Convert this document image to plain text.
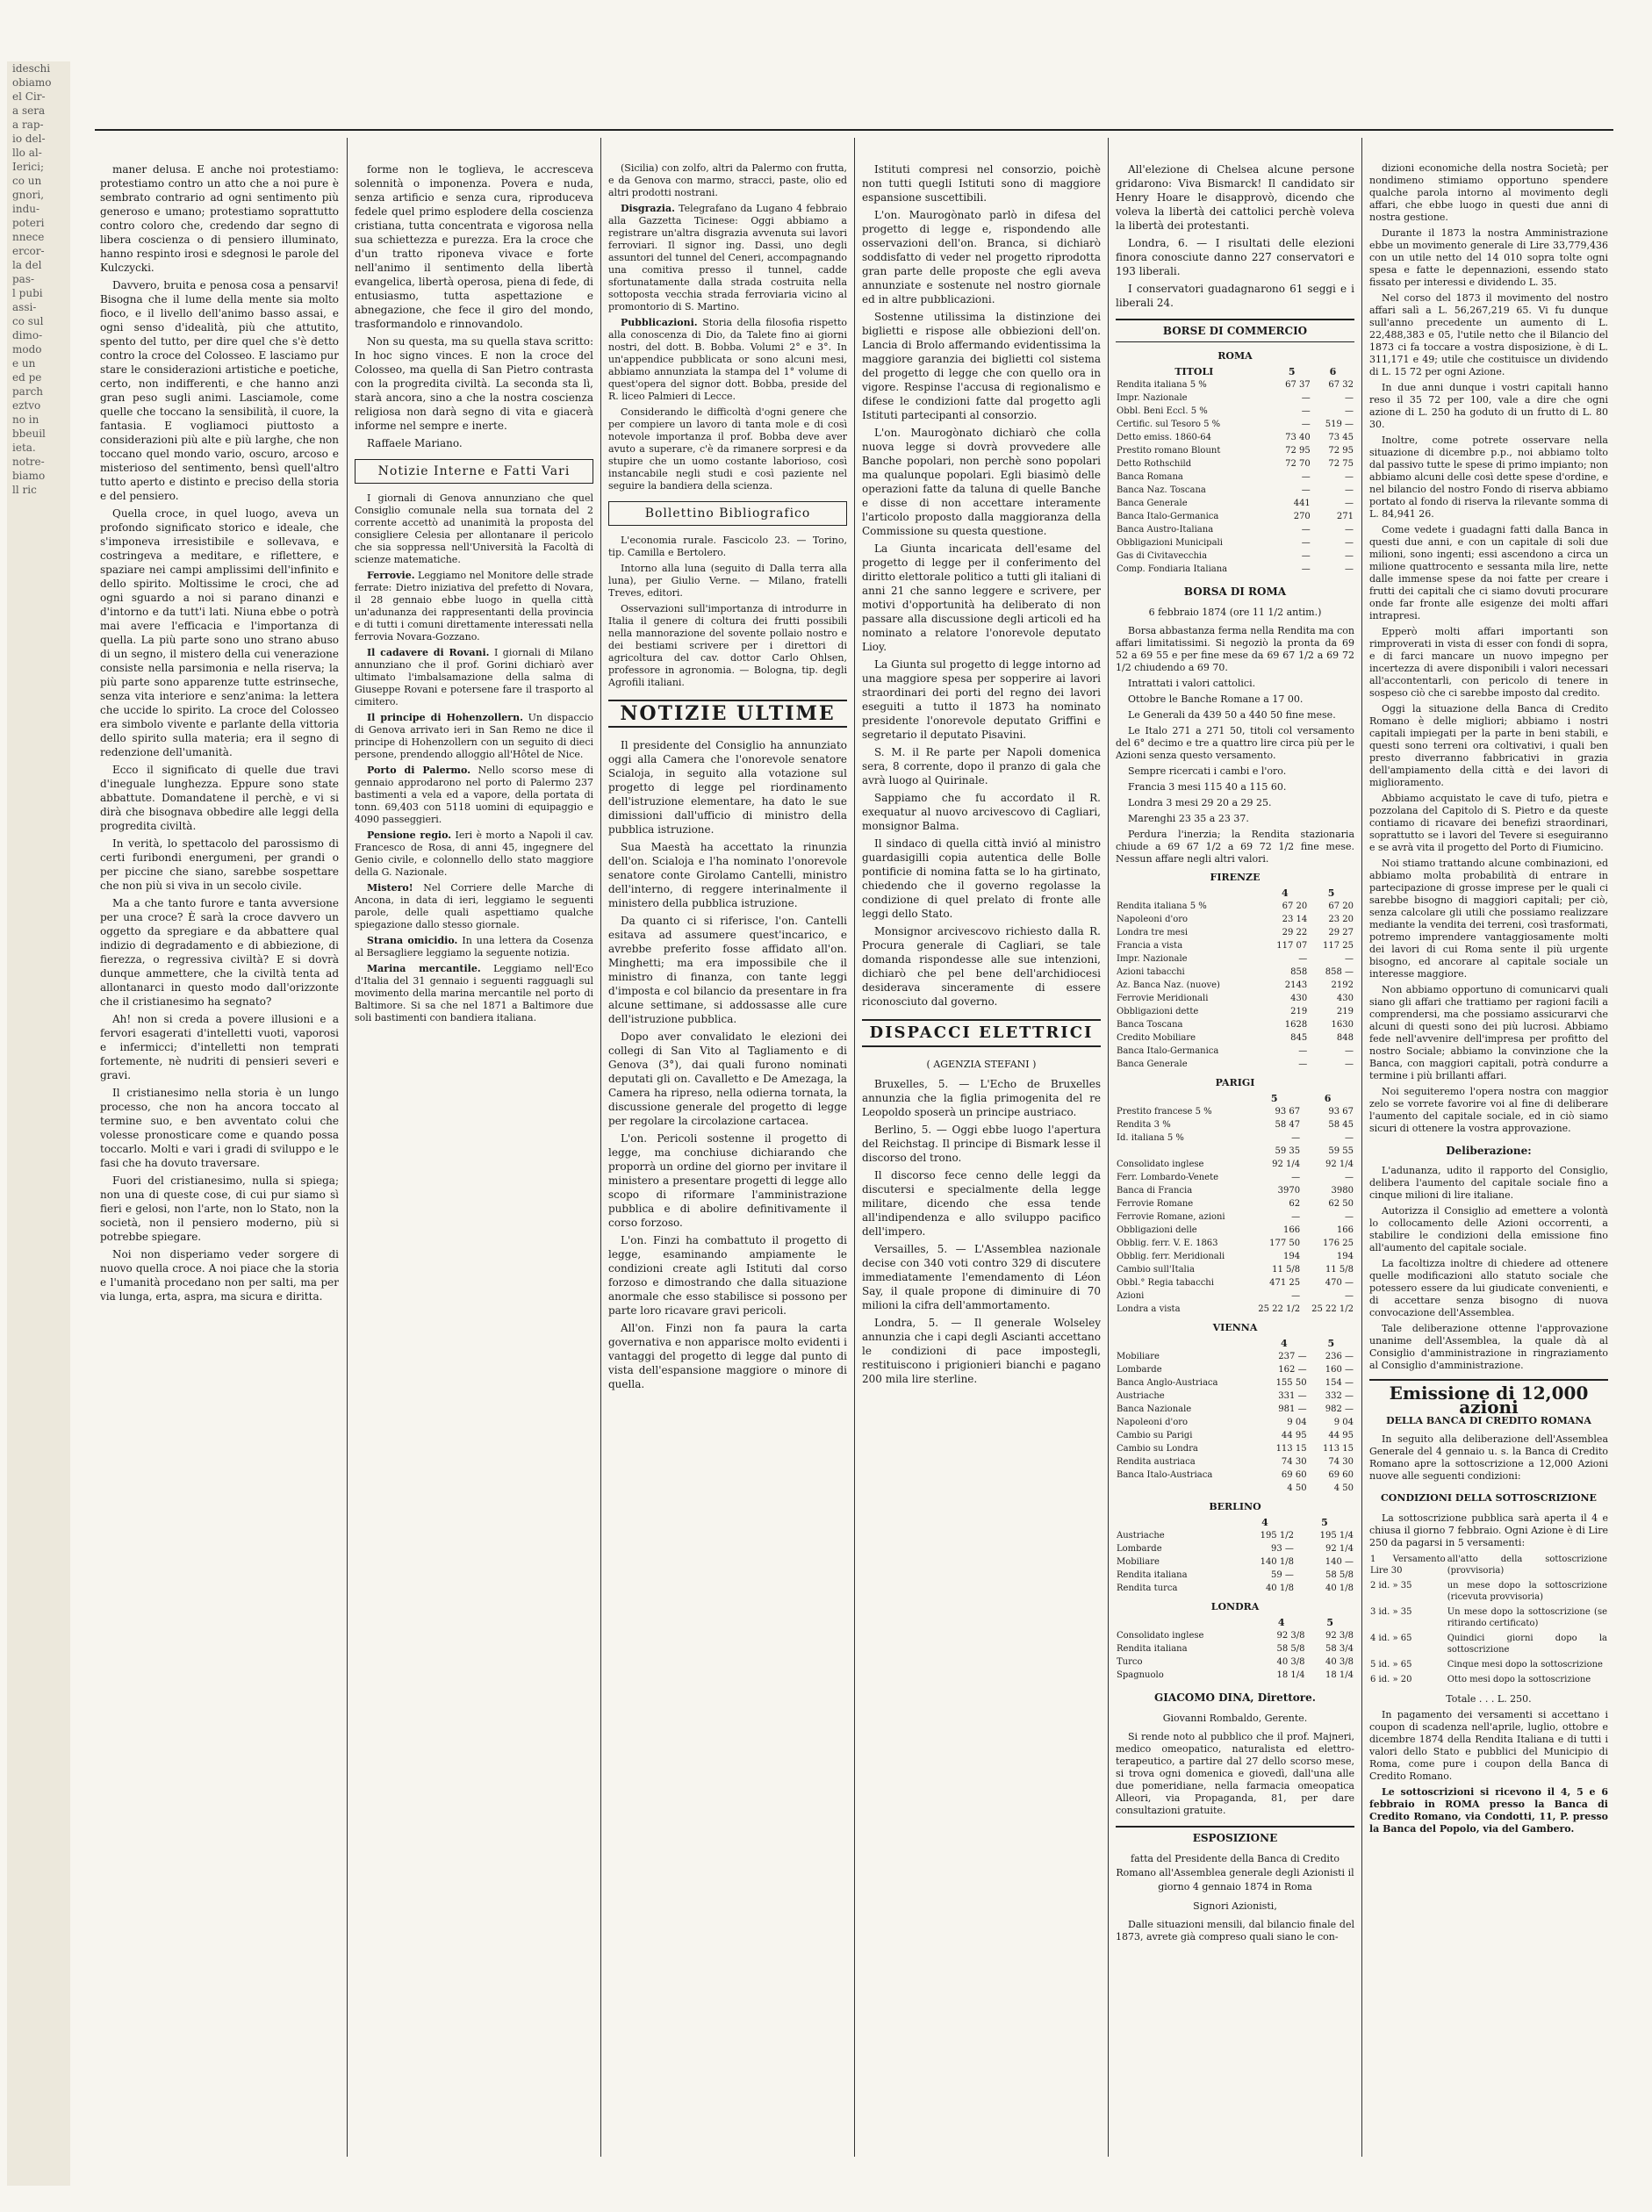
ideschi

obiamo

el Cir-

a sera

a rap-

io del-

llo al-

Ierici;

co un

gnori,

indu-

poteri

nnece

ercor-

la del

pas-

l pubi

assi-

co sul

dimo-

modo

e un

ed pe

parch

eztvo

no in

bbeuil

ieta.

notre-

biamo

ll ric

maner delusa. E anche noi protestiamo: protestiamo contro un atto che a noi pure è sembrato contrario ad ogni sentimento più generoso e umano; protestiamo soprattutto contro coloro che, credendo dar segno di libera coscienza o di pensiero illuminato, hanno respinto irosi e sdegnosi le parole del Kulczycki.

Davvero, bruita e penosa cosa a pensarvi! Bisogna che il lume della mente sia molto fioco, e il livello dell'animo basso assai, e ogni senso d'idealità, più che attutito, spento del tutto, per dire quel che s'è detto contro la croce del Colosseo. E lasciamo pur stare le considerazioni artistiche e poetiche, certo, non indifferenti, e che hanno anzi gran peso sugli animi. Lasciamole, come quelle che toccano la sensibilità, il cuore, la fantasia. E vogliamoci piuttosto a considerazioni più alte e più larghe, che non toccano quel mondo vario, oscuro, arcoso e misterioso del sentimento, bensì quell'altro tutto aperto e distinto e preciso della storia e del pensiero.

Quella croce, in quel luogo, aveva un profondo significato storico e ideale, che s'imponeva irresistibile e sollevava, e costringeva a meditare, e riflettere, e spaziare nei campi amplissimi dell'infinito e dello spirito. Moltissime le croci, che ad ogni sguardo a noi si parano dinanzi e d'intorno e da tutt'i lati. Niuna ebbe o potrà mai avere l'efficacia e l'importanza di quella. La più parte sono uno strano abuso di un segno, il mistero della cui venerazione consiste nella parsimonia e nella riserva; la più parte sono apparenze tutte estrinseche, senza vita interiore e senz'anima: la lettera che uccide lo spirito. La croce del Colosseo era simbolo vivente e parlante della vittoria dello spirito sulla materia; era il segno di redenzione dell'umanità.

Ecco il significato di quelle due travi d'ineguale lunghezza. Eppure sono state abbattute. Domandatene il perchè, e vi si dirà che bisognava obbedire alle leggi della progredita civiltà.

In verità, lo spettacolo del parossismo di certi furibondi energumeni, per grandi o per piccine che siano, sarebbe sospettare che non più si viva in un secolo civile.

Ma a che tanto furore e tanta avversione per una croce? È sarà la croce davvero un oggetto da spregiare e da abbattere qual indizio di degradamento e di abbiezione, di fierezza, o regressiva civiltà? E si dovrà dunque ammettere, che la civiltà tenta ad allontanarci in questo modo dall'orizzonte che il cristianesimo ha segnato?

Ah! non si creda a povere illusioni e a fervori esagerati d'intelletti vuoti, vaporosi e infermicci; d'intelletti non temprati fortemente, nè nudriti di pensieri severi e gravi.

Il cristianesimo nella storia è un lungo processo, che non ha ancora toccato al termine suo, e ben avventato colui che volesse pronosticare come e quando possa toccarlo. Molti e vari i gradi di sviluppo e le fasi che ha dovuto traversare.

Fuori del cristianesimo, nulla si spiega; non una di queste cose, di cui pur siamo sì fieri e gelosi, non l'arte, non lo Stato, non la società, non il pensiero moderno, più si potrebbe spiegare.

Noi non disperiamo veder sorgere di nuovo quella croce. A noi piace che la storia e l'umanità procedano non per salti, ma per via lunga, erta, aspra, ma sicura e diritta.

forme non le toglieva, le accresceva solennità o imponenza. Povera e nuda, senza artificio e senza cura, riproduceva fedele quel primo esplodere della coscienza cristiana, tutta concentrata e vigorosa nella sua schiettezza e purezza. Era la croce che d'un tratto riponeva vivace e forte nell'animo il sentimento della libertà evangelica, libertà operosa, piena di fede, di entusiasmo, tutta aspettazione e abnegazione, che fece il giro del mondo, trasformandolo e rinnovandolo.

Non su questa, ma su quella stava scritto: In hoc signo vinces. E non la croce del Colosseo, ma quella di San Pietro contrasta con la progredita civiltà. La seconda sta lì, starà ancora, sino a che la nostra coscienza religiosa non darà segno di vita e giacerà informe nel sempre e inerte.

Raffaele Mariano.

Notizie Interne e Fatti Vari

I giornali di Genova annunziano che quel Consiglio comunale nella sua tornata del 2 corrente accettò ad unanimità la proposta del consigliere Celesia per allontanare il pericolo che sia soppressa nell'Università la Facoltà di scienze matematiche.

Ferrovie. Leggiamo nel Monitore delle strade ferrate: Dietro iniziativa del prefetto di Novara, il 28 gennaio ebbe luogo in quella città un'adunanza dei rappresentanti della provincia e di tutti i comuni direttamente interessati nella ferrovia Novara-Gozzano.

Il cadavere di Rovani. I giornali di Milano annunziano che il prof. Gorini dichiarò aver ultimato l'imbalsamazione della salma di Giuseppe Rovani e potersene fare il trasporto al cimitero.

Il principe di Hohenzollern. Un dispaccio di Genova arrivato ieri in San Remo ne dice il principe di Hohenzollern con un seguito di dieci persone, prendendo alloggio all'Hôtel de Nice.

Porto di Palermo. Nello scorso mese di gennaio approdarono nel porto di Palermo 237 bastimenti a vela ed a vapore, della portata di tonn. 69,403 con 5118 uomini di equipaggio e 4090 passeggieri.

Pensione regio. Ieri è morto a Napoli il cav. Francesco de Rosa, di anni 45, ingegnere del Genio civile, e colonnello dello stato maggiore della G. Nazionale.

Mistero! Nel Corriere delle Marche di Ancona, in data di ieri, leggiamo le seguenti parole, delle quali aspettiamo qualche spiegazione dallo stesso giornale.

Strana omicidio. In una lettera da Cosenza al Bersagliere leggiamo la seguente notizia.

Marina mercantile. Leggiamo nell'Eco d'Italia del 31 gennaio i seguenti ragguagli sul movimento della marina mercantile nel porto di Baltimore. Si sa che nel 1871 a Baltimore due soli bastimenti con bandiera italiana.

(Sicilia) con zolfo, altri da Palermo con frutta, e da Genova con marmo, stracci, paste, olio ed altri prodotti nostrani.

Disgrazia. Telegrafano da Lugano 4 febbraio alla Gazzetta Ticinese: Oggi abbiamo a registrare un'altra disgrazia avvenuta sui lavori ferroviari. Il signor ing. Dassi, uno degli assuntori del tunnel del Ceneri, accompagnando una comitiva presso il tunnel, cadde sfortunatamente dalla strada costruita nella sottoposta vecchia strada ferroviaria vicino al promontorio di S. Martino.

Pubblicazioni. Storia della filosofia rispetto alla conoscenza di Dio, da Talete fino ai giorni nostri, del dott. B. Bobba. Volumi 2° e 3°. In un'appendice pubblicata or sono alcuni mesi, abbiamo annunziata la stampa del 1° volume di quest'opera del signor dott. Bobba, preside del R. liceo Palmieri di Lecce.

Considerando le difficoltà d'ogni genere che per compiere un lavoro di tanta mole e di così notevole importanza il prof. Bobba deve aver avuto a superare, c'è da rimanere sorpresi e da stupire che un uomo costante laborioso, così instancabile negli studi e così paziente nel seguire la bandiera della scienza.

Bollettino Bibliografico

L'economia rurale. Fascicolo 23. — Torino, tip. Camilla e Bertolero.

Intorno alla luna (seguito di Dalla terra alla luna), per Giulio Verne. — Milano, fratelli Treves, editori.

Osservazioni sull'importanza di introdurre in Italia il genere di coltura dei frutti possibili nella mannorazione del sovente pollaio nostro e dei bestiami scrivere per i direttori di agricoltura del cav. dottor Carlo Ohlsen, professore in agronomia. — Bologna, tip. degli Agrofili italiani.

NOTIZIE ULTIME

Il presidente del Consiglio ha annunziato oggi alla Camera che l'onorevole senatore Scialoja, in seguito alla votazione sul progetto di legge pel riordinamento dell'istruzione elementare, ha dato le sue dimissioni dall'ufficio di ministro della pubblica istruzione.

Sua Maestà ha accettato la rinunzia dell'on. Scialoja e l'ha nominato l'onorevole senatore conte Girolamo Cantelli, ministro dell'interno, di reggere interinalmente il ministero della pubblica istruzione.

Da quanto ci si riferisce, l'on. Cantelli esitava ad assumere quest'incarico, e avrebbe preferito fosse affidato all'on. Minghetti; ma era impossibile che il ministro di finanza, con tante leggi d'imposta e col bilancio da presentare in fra alcune settimane, si addossasse alle cure dell'istruzione pubblica.

Dopo aver convalidato le elezioni dei collegi di San Vito al Tagliamento e di Genova (3°), dai quali furono nominati deputati gli on. Cavalletto e De Amezaga, la Camera ha ripreso, nella odierna tornata, la discussione generale del progetto di legge per regolare la circolazione cartacea.

L'on. Pericoli sostenne il progetto di legge, ma conchiuse dichiarando che proporrà un ordine del giorno per invitare il ministero a presentare progetti di legge allo scopo di riformare l'amministrazione pubblica e di abolire definitivamente il corso forzoso.

L'on. Finzi ha combattuto il progetto di legge, esaminando ampiamente le condizioni create agli Istituti dal corso forzoso e dimostrando che dalla situazione anormale che esso stabilisce si possono per parte loro ricavare gravi pericoli.

All'on. Finzi non fa paura la carta governativa e non apparisce molto evidenti i vantaggi del progetto di legge dal punto di vista dell'espansione maggiore o minore di quella.

Istituti compresi nel consorzio, poichè non tutti quegli Istituti sono di maggiore espansione suscettibili.

L'on. Maurogònato parlò in difesa del progetto di legge e, rispondendo alle osservazioni dell'on. Branca, si dichiarò soddisfatto di veder nel progetto riprodotta gran parte delle proposte che egli aveva annunziate e sostenute nel nostro giornale ed in altre pubblicazioni.

Sostenne utilissima la distinzione dei biglietti e rispose alle obbiezioni dell'on. Lancia di Brolo affermando evidentissima la maggiore garanzia dei biglietti col sistema del progetto di legge che con quello ora in vigore. Respinse l'accusa di regionalismo e difese le condizioni fatte dal progetto agli Istituti partecipanti al consorzio.

L'on. Maurogònato dichiarò che colla nuova legge si dovrà provvedere alle Banche popolari, non perchè sono popolari ma qualunque popolari. Egli biasimò delle operazioni fatte da taluna di quelle Banche e disse di non accettare interamente l'articolo proposto dalla maggioranza della Commissione su questa questione.

La Giunta incaricata dell'esame del progetto di legge per il conferimento del diritto elettorale politico a tutti gli italiani di anni 21 che sanno leggere e scrivere, per motivi d'opportunità ha deliberato di non passare alla discussione degli articoli ed ha nominato a relatore l'onorevole deputato Lioy.

La Giunta sul progetto di legge intorno ad una maggiore spesa per sopperire ai lavori straordinari dei porti del regno dei lavori eseguiti a tutto il 1873 ha nominato presidente l'onorevole deputato Griffini e segretario il deputato Pisavini.

S. M. il Re parte per Napoli domenica sera, 8 corrente, dopo il pranzo di gala che avrà luogo al Quirinale.

Sappiamo che fu accordato il R. exequatur al nuovo arcivescovo di Cagliari, monsignor Balma.

Il sindaco di quella città invió al ministro guardasigilli copia autentica delle Bolle pontificie di nomina fatta se lo ha girtinato, chiedendo che il governo regolasse la condizione di quel prelato di fronte alle leggi dello Stato.

Monsignor arcivescovo richiesto dalla R. Procura generale di Cagliari, se tale domanda rispondesse alle sue intenzioni, dichiarò che pel bene dell'archidiocesi desiderava sinceramente di essere riconosciuto dal governo.

DISPACCI ELETTRICI
( AGENZIA STEFANI )

Bruxelles, 5. — L'Echo de Bruxelles annunzia che la figlia primogenita del re Leopoldo sposerà un principe austriaco.

Berlino, 5. — Oggi ebbe luogo l'apertura del Reichstag. Il principe di Bismark lesse il discorso del trono.

Il discorso fece cenno delle leggi da discutersi e specialmente della legge militare, dicendo che essa tende all'indipendenza e allo sviluppo pacifico dell'impero.

Versailles, 5. — L'Assemblea nazionale decise con 340 voti contro 329 di discutere immediatamente l'emendamento di Léon Say, il quale propone di diminuire di 70 milioni la cifra dell'ammortamento.

Londra, 5. — Il generale Wolseley annunzia che i capi degli Ascianti accettano le condizioni di pace impostegli, restituiscono i prigionieri bianchi e pagano 200 mila lire sterline.

All'elezione di Chelsea alcune persone gridarono: Viva Bismarck! Il candidato sir Henry Hoare le disapprovò, dicendo che voleva la libertà dei cattolici perchè voleva la libertà dei protestanti.

Londra, 6. — I risultati delle elezioni finora conosciute danno 227 conservatori e 193 liberali.

I conservatori guadagnarono 61 seggi e i liberali 24.

BORSE DI COMMERCIO
ROMA
TITOLI	5	6
Rendita italiana 5 %	67 37	67 32
Impr. Nazionale	—	—
Obbl. Beni Eccl. 5 %	—	—
Certific. sul Tesoro 5 %	—	519 —
Detto emiss. 1860-64	73 40	73 45
Prestito romano Blount	72 95	72 95
Detto Rothschild	72 70	72 75
Banca Romana	—	—
Banca Naz. Toscana	—	—
Banca Generale	441	—
Banca Italo-Germanica	270	271
Banca Austro-Italiana	—	—
Obbligazioni Municipali	—	—
Gas di Civitavecchia	—	—
Comp. Fondiaria Italiana	—	—
BORSA DI ROMA
6 febbraio 1874 (ore 11 1/2 antim.)

Borsa abbastanza ferma nella Rendita ma con affari limitatissimi. Si negoziò la pronta da 69 52 a 69 55 e per fine mese da 69 67 1/2 a 69 72 1/2 chiudendo a 69 70.

Intrattati i valori cattolici.

Ottobre le Banche Romane a 17 00.

Le Generali da 439 50 a 440 50 fine mese.

Le Italo 271 a 271 50, titoli col versamento del 6° decimo e tre a quattro lire circa più per le Azioni senza questo versamento.

Sempre ricercati i cambi e l'oro.

Francia 3 mesi 115 40 a 115 60.

Londra 3 mesi 29 20 a 29 25.

Marenghi 23 35 a 23 37.

Perdura l'inerzia; la Rendita stazionaria chiude a 69 67 1/2 a 69 72 1/2 fine mese. Nessun affare negli altri valori.

FIRENZE
	4	5
Rendita italiana 5 %	67 20	67 20
Napoleoni d'oro	23 14	23 20
Londra tre mesi	29 22	29 27
Francia a vista	117 07	117 25
Impr. Nazionale	—	—
Azioni tabacchi	858	858 —
Az. Banca Naz. (nuove)	2143	2192
Ferrovie Meridionali	430	430
Obbligazioni dette	219	219
Banca Toscana	1628	1630
Credito Mobiliare	845	848
Banca Italo-Germanica	—	—
Banca Generale	—	—
PARIGI
	5	6
Prestito francese 5 %	93 67	93 67
Rendita 3 %	58 47	58 45
Id. italiana 5 %	—	—
	59 35	59 55
Consolidato inglese	92 1/4	92 1/4
Ferr. Lombardo-Venete	—	—
Banca di Francia	3970	3980
Ferrovie Romane	62	62 50
Ferrovie Romane, azioni	—	—
Obbligazioni delle	166	166
Obblig. ferr. V. E. 1863	177 50	176 25
Obblig. ferr. Meridionali	194	194
Cambio sull'Italia	11 5/8	11 5/8
Obbl.° Regia tabacchi	471 25	470 —
Azioni	—	—
Londra a vista	25 22 1/2	25 22 1/2
VIENNA
	4	5
Mobiliare	237 —	236 —
Lombarde	162 —	160 —
Banca Anglo-Austriaca	155 50	154 —
Austriache	331 —	332 —
Banca Nazionale	981 —	982 —
Napoleoni d'oro	9 04	9 04
Cambio su Parigi	44 95	44 95
Cambio su Londra	113 15	113 15
Rendita austriaca	74 30	74 30
Banca Italo-Austriaca	69 60	69 60
	4 50	4 50
BERLINO
	4	5
Austriache	195 1/2	195 1/4
Lombarde	93 —	92 1/4
Mobiliare	140 1/8	140 —
Rendita italiana	59 —	58 5/8
Rendita turca	40 1/8	40 1/8
LONDRA
	4	5
Consolidato inglese	92 3/8	92 3/8
Rendita italiana	58 5/8	58 3/4
Turco	40 3/8	40 3/8
Spagnuolo	18 1/4	18 1/4
GIACOMO DINA, Direttore.
Giovanni Rombaldo, Gerente.

Si rende noto al pubblico che il prof. Majneri, medico omeopatico, naturalista ed elettro-terapeutico, a partire dal 27 dello scorso mese, si trova ogni domenica e giovedì, dall'una alle due pomeridiane, nella farmacia omeopatica Alleori, via Propaganda, 81, per dare consultazioni gratuite.

ESPOSIZIONE
fatta del Presidente della Banca di Credito Romano all'Assemblea generale degli Azionisti il giorno 4 gennaio 1874 in Roma
Signori Azionisti,

Dalle situazioni mensili, dal bilancio finale del 1873, avrete già compreso quali siano le con-

dizioni economiche della nostra Società; per nondimeno stimiamo opportuno spendere qualche parola intorno al movimento degli affari, che ebbe luogo in questi due anni di nostra gestione.

Durante il 1873 la nostra Amministrazione ebbe un movimento generale di Lire 33,779,436 con un utile netto del 14 010 sopra tolte ogni spesa e fatte le depennazioni, essendo stato fissato per interessi e dividendo L. 35.

Nel corso del 1873 il movimento del nostro affari salì a L. 56,267,219 65. Vi fu dunque sull'anno precedente un aumento di L. 22,488,383 e 05, l'utile netto che il Bilancio del 1873 ci fa toccare a vostra disposizione, è di L. 311,171 e 49; utile che costituisce un dividendo di L. 15 72 per ogni Azione.

In due anni dunque i vostri capitali hanno reso il 35 72 per 100, vale a dire che ogni azione di L. 250 ha goduto di un frutto di L. 80 30.

Inoltre, come potrete osservare nella situazione di dicembre p.p., noi abbiamo tolto dal passivo tutte le spese di primo impianto; non abbiamo alcuni delle così dette spese d'ordine, e nel bilancio del nostro Fondo di riserva abbiamo portato al fondo di riserva la rilevante somma di L. 84,941 26.

Come vedete i guadagni fatti dalla Banca in questi due anni, e con un capitale di soli due milioni, sono ingenti; essi ascendono a circa un milione quattrocento e sessanta mila lire, nette dalle immense spese da noi fatte per creare i frutti dei capitali che ci siamo dovuti procurare onde far fronte alle esigenze dei molti affari intrapresi.

Epperò molti affari importanti son rimproverati in vista di esser con fondi di sopra, e di farci mancare un nuovo impegno per incertezza di avere disponibili i valori necessari all'accontentarli, con pericolo di tenere in sospeso ciò che ci sarebbe imposto dal credito.

Oggi la situazione della Banca di Credito Romano è delle migliori; abbiamo i nostri capitali impiegati per la parte in beni stabili, e questi sono terreni ora coltivativi, i quali ben presto diverranno fabbricativi in grazia dell'ampiamento della città e dei lavori di miglioramento.

Abbiamo acquistato le cave di tufo, pietra e pozzolana del Capitolo di S. Pietro e da queste contiamo di ricavare dei benefizi straordinari, soprattutto se i lavori del Tevere si eseguiranno e se avrà vita il progetto del Porto di Fiumicino.

Noi stiamo trattando alcune combinazioni, ed abbiamo molta probabilità di entrare in partecipazione di grosse imprese per le quali ci sarebbe bisogno di maggiori capitali; per ciò, senza calcolare gli utili che possiamo realizzare mediante la vendita dei terreni, così trasformati, potremo imprendere vantaggiosamente molti dei lavori di cui Roma sente il più urgente bisogno, ed ancorare al capitale sociale un interesse maggiore.

Non abbiamo opportuno di comunicarvi quali siano gli affari che trattiamo per ragioni facili a comprendersi, ma che possiamo assicurarvi che alcuni di questi sono dei più lucrosi. Abbiamo fede nell'avvenire dell'impresa per profitto del nostro Sociale; abbiamo la convinzione che la Banca, con maggiori capitali, potrà condurre a termine i più brillanti affari.

Noi seguiteremo l'opera nostra con maggior zelo se vorrete favorire voi al fine di deliberare l'aumento del capitale sociale, ed in ciò siamo sicuri di ottenere la vostra approvazione.

Deliberazione:

L'adunanza, udito il rapporto del Consiglio, delibera l'aumento del capitale sociale fino a cinque milioni di lire italiane.

Autorizza il Consiglio ad emettere a volontà lo collocamento delle Azioni occorrenti, a stabilire le condizioni della emissione fino all'aumento del capitale sociale.

La facoltizza inoltre di chiedere ad ottenere quelle modificazioni allo statuto sociale che potessero essere da lui giudicate convenienti, e di accettare senza bisogno di nuova convocazione dell'Assemblea.

Tale deliberazione ottenne l'approvazione unanime dell'Assemblea, la quale dà al Consiglio d'amministrazione in ringraziamento al Consiglio d'amministrazione.

Emissione di 12,000 azioni
DELLA BANCA DI CREDITO ROMANA

In seguito alla deliberazione dell'Assemblea Generale del 4 gennaio u. s. la Banca di Credito Romano apre la sottoscrizione a 12,000 Azioni nuove alle seguenti condizioni:

CONDIZIONI DELLA SOTTOSCRIZIONE

La sottoscrizione pubblica sarà aperta il 4 e chiusa il giorno 7 febbraio. Ogni Azione è di Lire 250 da pagarsi in 5 versamenti:

1 Versamento Lire 30	all'atto della sottoscrizione (provvisoria)
2 id. » 35	un mese dopo la sottoscrizione (ricevuta provvisoria)
3 id. » 35	Un mese dopo la sottoscrizione (se ritirando certificato)
4 id. » 65	Quindici giorni dopo la sottoscrizione
5 id. » 65	Cinque mesi dopo la sottoscrizione
6 id. » 20	Otto mesi dopo la sottoscrizione

Totale . . . L. 250.

In pagamento dei versamenti si accettano i coupon di scadenza nell'aprile, luglio, ottobre e dicembre 1874 della Rendita Italiana e di tutti i valori dello Stato e pubblici del Municipio di Roma, come pure i coupon della Banca di Credito Romano.

Le sottoscrizioni si ricevono il 4, 5 e 6 febbraio in ROMA presso la Banca di Credito Romano, via Condotti, 11, P. presso la Banca del Popolo, via del Gambero.
